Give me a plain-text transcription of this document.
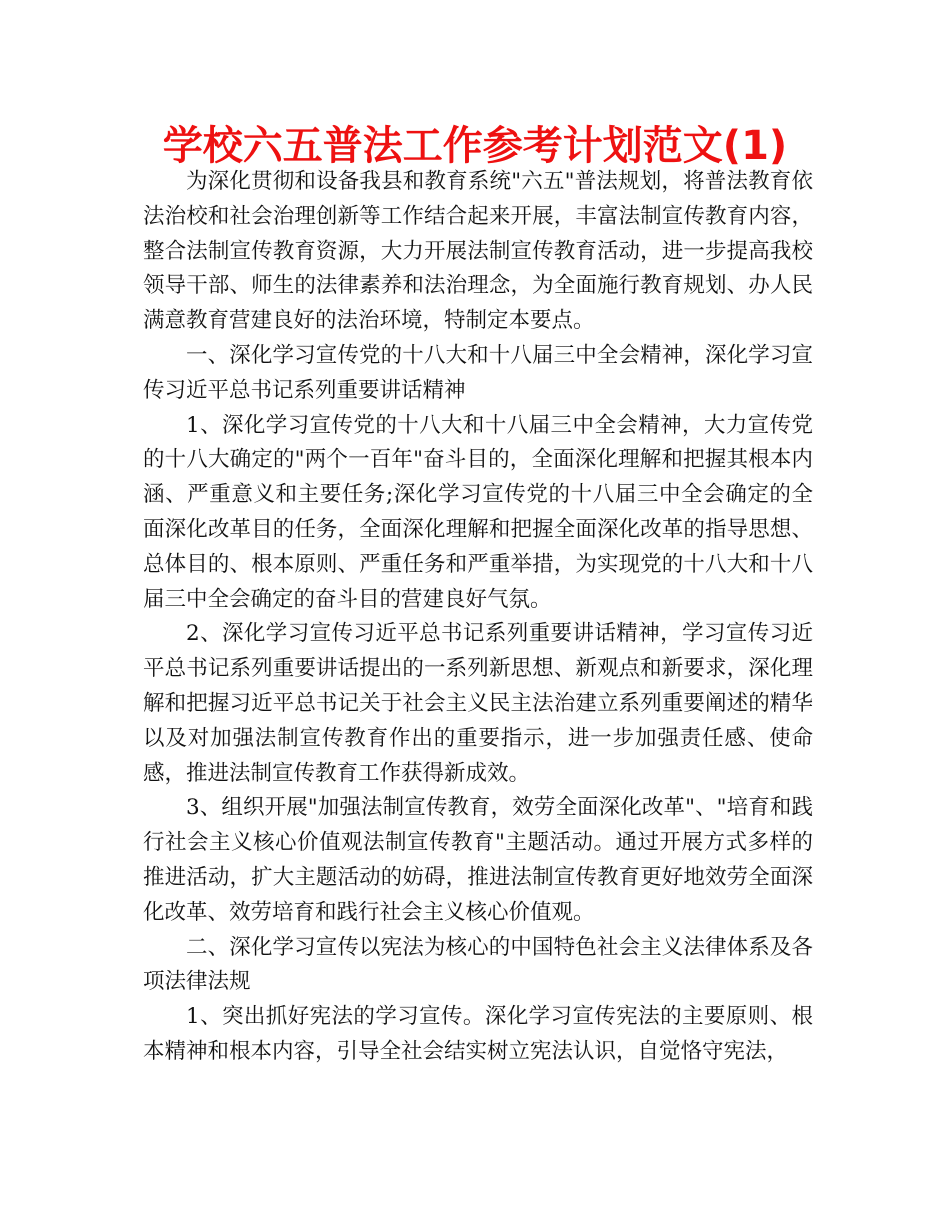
学校六五普法工作参考计划范文(1)

为深化贯彻和设备我县和教育系统"六五"普法规划，将普法教育依法治校和社会治理创新等工作结合起来开展，丰富法制宣传教育内容，整合法制宣传教育资源，大力开展法制宣传教育活动，进一步提高我校领导干部、师生的法律素养和法治理念，为全面施行教育规划、办人民满意教育营建良好的法治环境，特制定本要点。

一、深化学习宣传党的十八大和十八届三中全会精神，深化学习宣传习近平总书记系列重要讲话精神

1、深化学习宣传党的十八大和十八届三中全会精神，大力宣传党的十八大确定的"两个一百年"奋斗目的，全面深化理解和把握其根本内涵、严重意义和主要任务;深化学习宣传党的十八届三中全会确定的全面深化改革目的任务，全面深化理解和把握全面深化改革的指导思想、总体目的、根本原则、严重任务和严重举措，为实现党的十八大和十八届三中全会确定的奋斗目的营建良好气氛。

2、深化学习宣传习近平总书记系列重要讲话精神，学习宣传习近平总书记系列重要讲话提出的一系列新思想、新观点和新要求，深化理解和把握习近平总书记关于社会主义民主法治建立系列重要阐述的精华以及对加强法制宣传教育作出的重要指示，进一步加强责任感、使命感，推进法制宣传教育工作获得新成效。

3、组织开展"加强法制宣传教育，效劳全面深化改革"、"培育和践行社会主义核心价值观法制宣传教育"主题活动。通过开展方式多样的推进活动，扩大主题活动的妨碍，推进法制宣传教育更好地效劳全面深化改革、效劳培育和践行社会主义核心价值观。

二、深化学习宣传以宪法为核心的中国特色社会主义法律体系及各项法律法规

1、突出抓好宪法的学习宣传。深化学习宣传宪法的主要原则、根本精神和根本内容，引导全社会结实树立宪法认识，自觉恪守宪法，
